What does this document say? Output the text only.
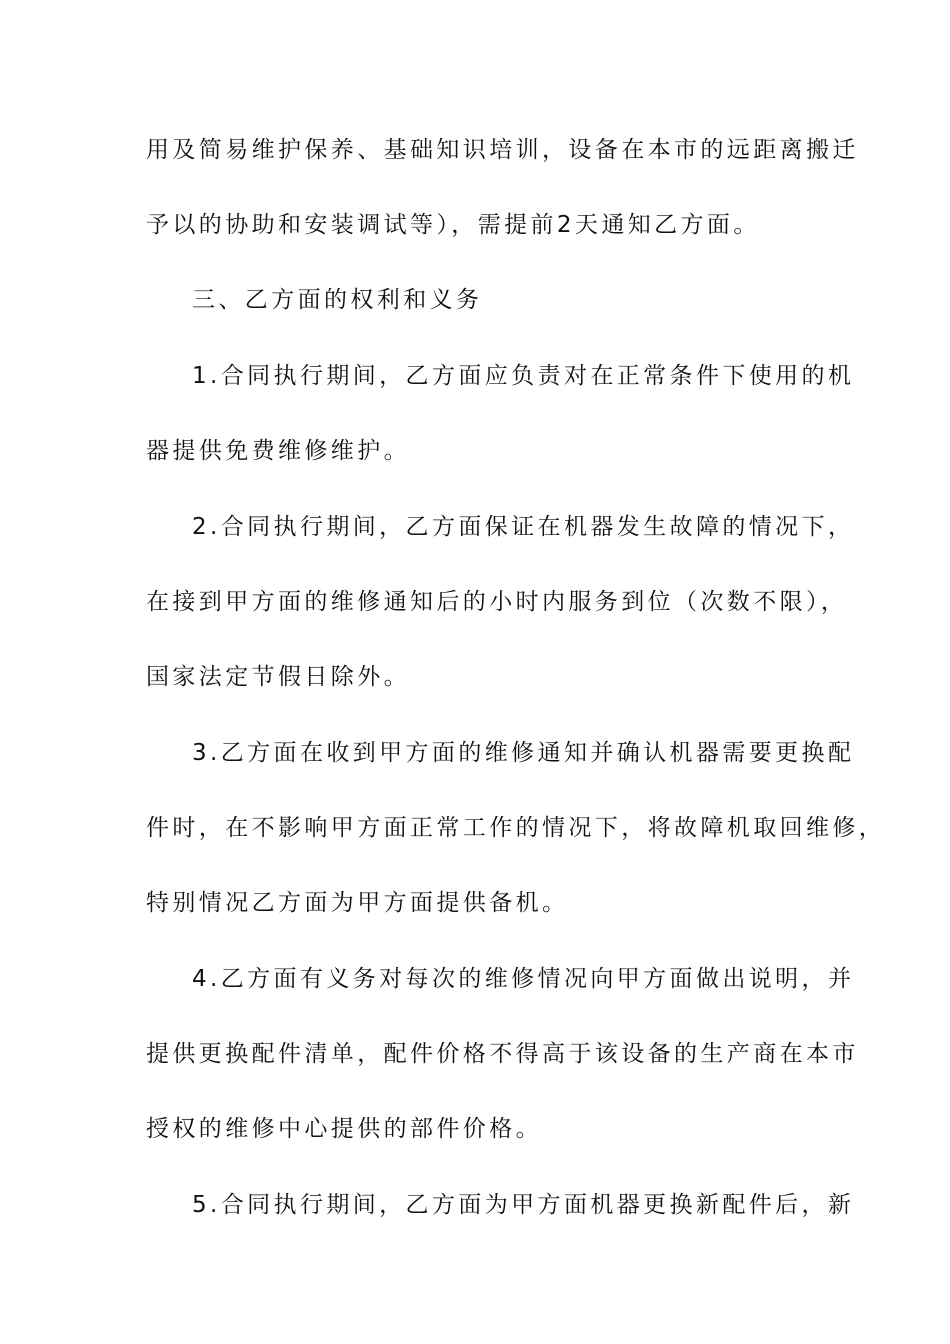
用及简易维护保养、基础知识培训，设备在本市的远距离搬迁
予以的协助和安装调试等），需提前2天通知乙方面。
三、乙方面的权利和义务
1.合同执行期间，乙方面应负责对在正常条件下使用的机
器提供免费维修维护。
2.合同执行期间，乙方面保证在机器发生故障的情况下，
在接到甲方面的维修通知后的小时内服务到位（次数不限），
国家法定节假日除外。
3.乙方面在收到甲方面的维修通知并确认机器需要更换配
件时，在不影响甲方面正常工作的情况下，将故障机取回维修，
特别情况乙方面为甲方面提供备机。
4.乙方面有义务对每次的维修情况向甲方面做出说明，并
提供更换配件清单，配件价格不得高于该设备的生产商在本市
授权的维修中心提供的部件价格。
5.合同执行期间，乙方面为甲方面机器更换新配件后，新
